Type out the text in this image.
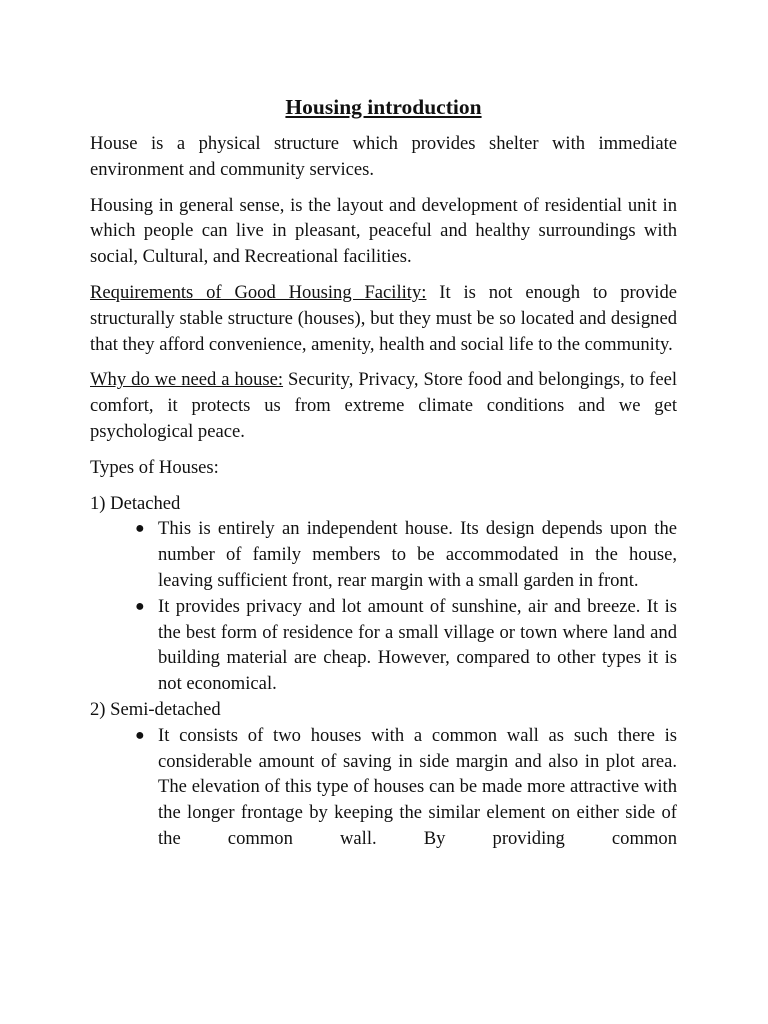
Housing introduction

House is a physical structure which provides shelter with immediate environment and community services.

Housing in general sense, is the layout and development of residential unit in which people can live in pleasant, peaceful and healthy surroundings with social, Cultural, and Recreational facilities.

Requirements of Good Housing Facility: It is not enough to provide structurally stable structure (houses), but they must be so located and designed that they afford convenience, amenity, health and social life to the community.

Why do we need a house: Security, Privacy, Store food and belongings, to feel comfort, it protects us from extreme climate conditions and we get psychological peace.

Types of Houses:
1) Detached
● This is entirely an independent house. Its design depends upon the number of family members to be accommodated in the house, leaving sufficient front, rear margin with a small garden in front.
● It provides privacy and lot amount of sunshine, air and breeze. It is the best form of residence for a small village or town where land and building material are cheap. However, compared to other types it is not economical.
2) Semi-detached
● It consists of two houses with a common wall as such there is considerable amount of saving in side margin and also in plot area. The elevation of this type of houses can be made more attractive with the longer frontage by keeping the similar element on either side of the common wall. By providing common
